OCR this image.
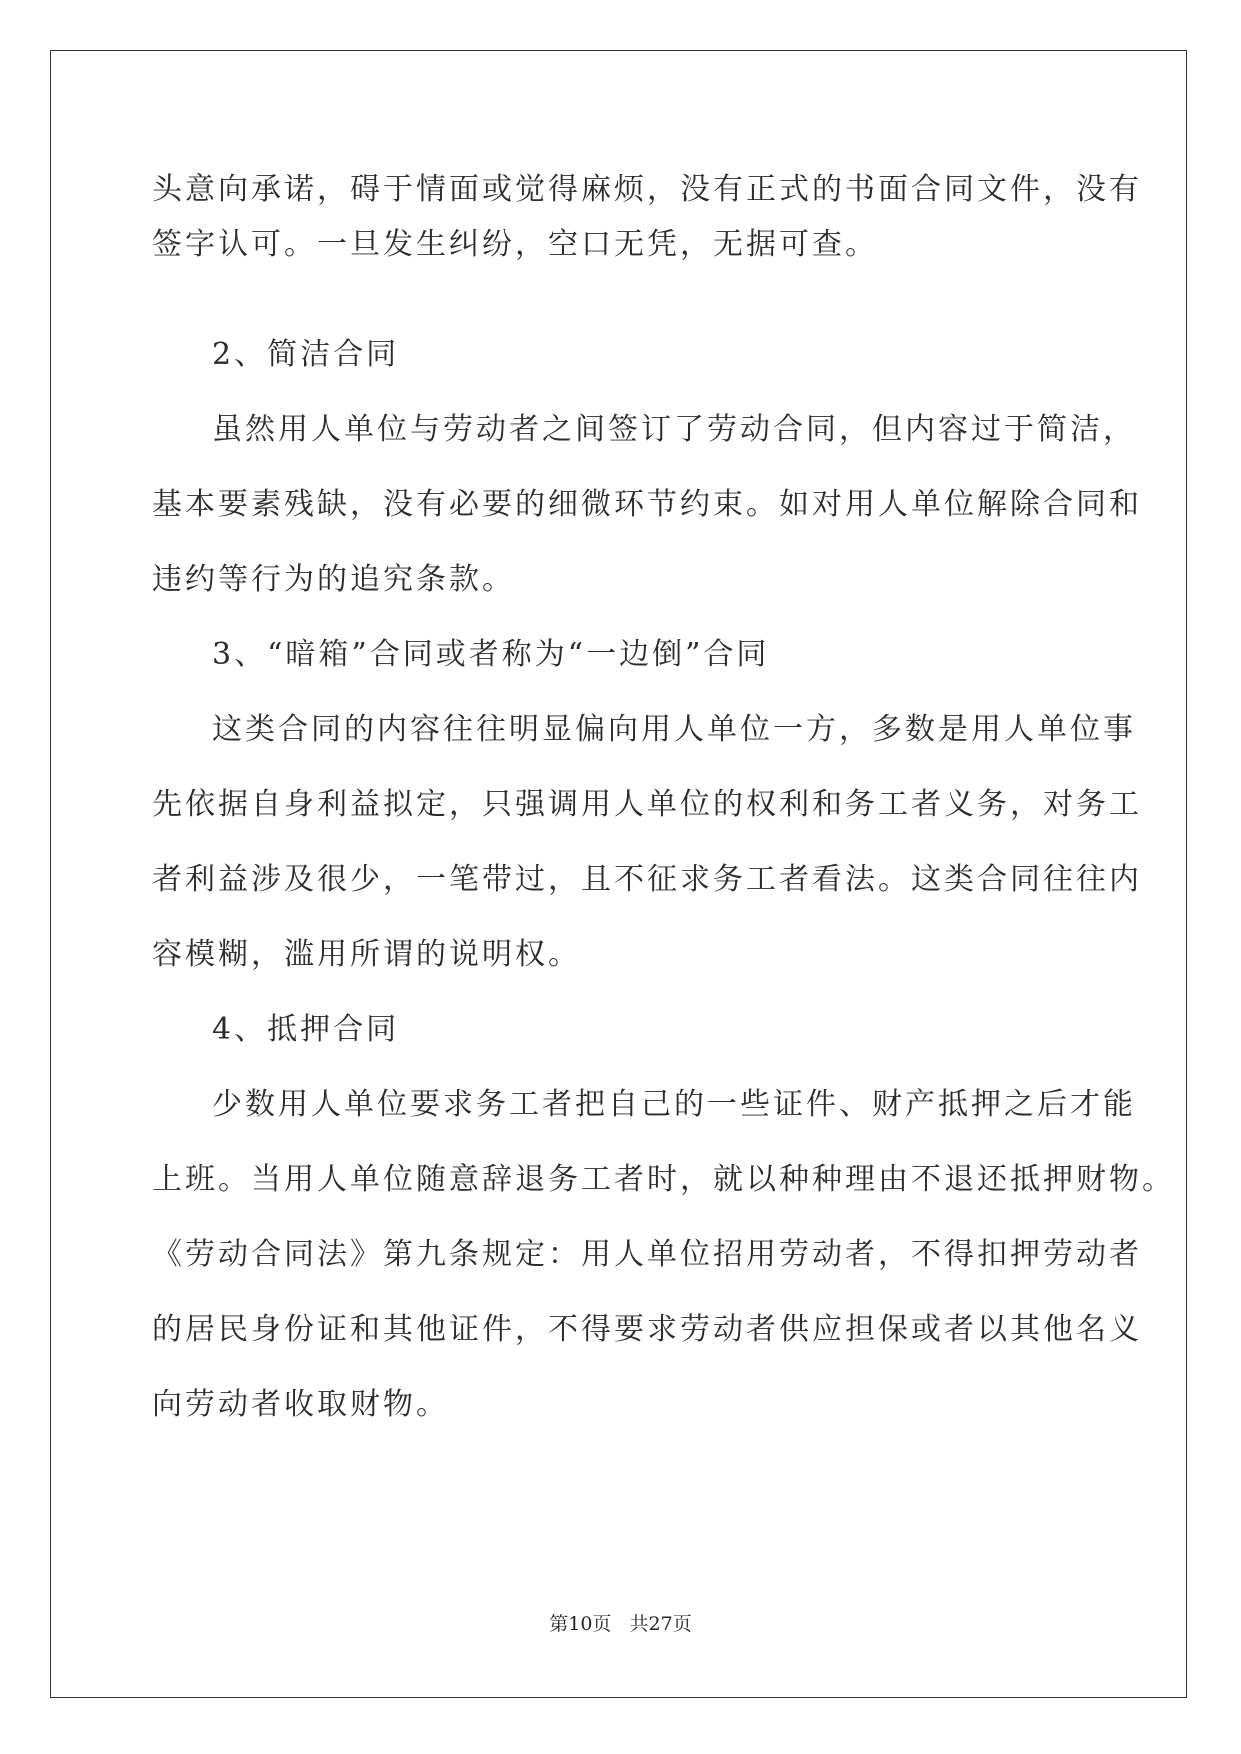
头意向承诺，碍于情面或觉得麻烦，没有正式的书面合同文件，没有
签字认可。一旦发生纠纷，空口无凭，无据可查。
2、简洁合同
虽然用人单位与劳动者之间签订了劳动合同，但内容过于简洁，
基本要素残缺，没有必要的细微环节约束。如对用人单位解除合同和
违约等行为的追究条款。
3、“暗箱”合同或者称为“一边倒”合同
这类合同的内容往往明显偏向用人单位一方，多数是用人单位事
先依据自身利益拟定，只强调用人单位的权利和务工者义务，对务工
者利益涉及很少，一笔带过，且不征求务工者看法。这类合同往往内
容模糊，滥用所谓的说明权。
4、抵押合同
少数用人单位要求务工者把自己的一些证件、财产抵押之后才能
上班。当用人单位随意辞退务工者时，就以种种理由不退还抵押财物。
《劳动合同法》第九条规定：用人单位招用劳动者，不得扣押劳动者
的居民身份证和其他证件，不得要求劳动者供应担保或者以其他名义
向劳动者收取财物。
第10页   共27页
